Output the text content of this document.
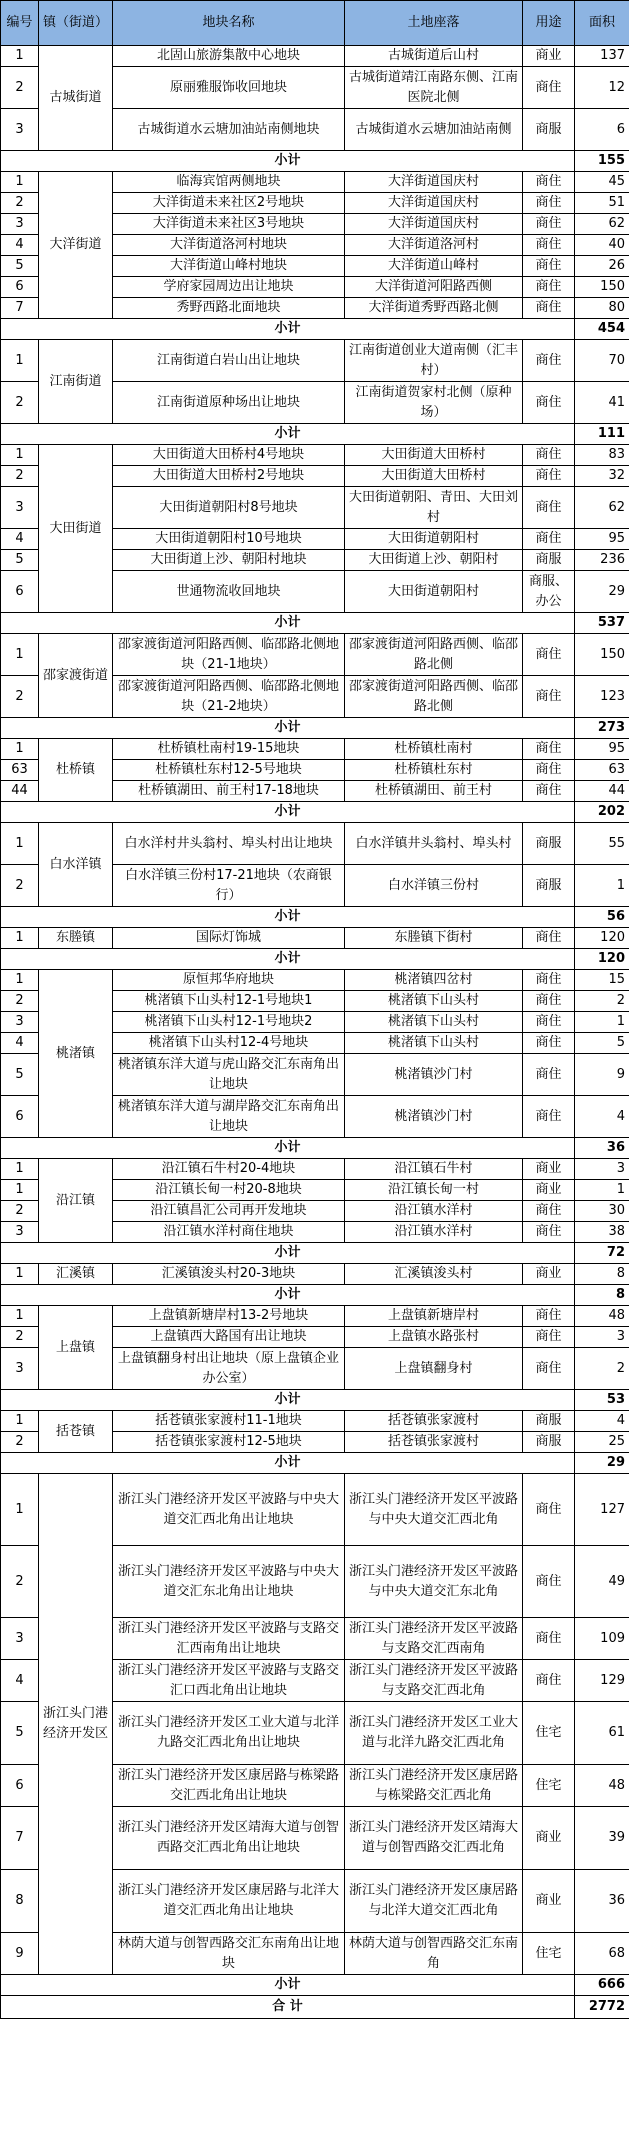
编号	镇（街道）	地块名称	土地座落	用途	面积
1	古城街道	北固山旅游集散中心地块	古城街道后山村	商业	137
2		原丽雅服饰收回地块	古城街道靖江南路东侧、江南医院北侧	商住	12
3		古城街道水云塘加油站南侧地块	古城街道水云塘加油站南侧	商服	6
小计					155
1	大洋街道	临海宾馆两侧地块	大洋街道国庆村	商住	45
2		大洋街道未来社区2号地块	大洋街道国庆村	商住	51
3		大洋街道未来社区3号地块	大洋街道国庆村	商住	62
4		大洋街道洛河村地块	大洋街道洛河村	商住	40
5		大洋街道山峰村地块	大洋街道山峰村	商住	26
6		学府家园周边出让地块	大洋街道河阳路西侧	商住	150
7		秀野西路北面地块	大洋街道秀野西路北侧	商住	80
小计					454
1	江南街道	江南街道白岩山出让地块	江南街道创业大道南侧（汇丰村）	商住	70
2		江南街道原种场出让地块	江南街道贺家村北侧（原种场）	商住	41
小计					111
1	大田街道	大田街道大田桥村4号地块	大田街道大田桥村	商住	83
2		大田街道大田桥村2号地块	大田街道大田桥村	商住	32
3		大田街道朝阳村8号地块	大田街道朝阳、青田、大田刘村	商住	62
4		大田街道朝阳村10号地块	大田街道朝阳村	商住	95
5		大田街道上沙、朝阳村地块	大田街道上沙、朝阳村	商服	236
6		世通物流收回地块	大田街道朝阳村	商服、办公	29
小计					537
1	邵家渡街道	邵家渡街道河阳路西侧、临邵路北侧地块（21-1地块）	邵家渡街道河阳路西侧、临邵路北侧	商住	150
2		邵家渡街道河阳路西侧、临邵路北侧地块（21-2地块）	邵家渡街道河阳路西侧、临邵路北侧	商住	123
小计					273
1	杜桥镇	杜桥镇杜南村19-15地块	杜桥镇杜南村	商住	95
63		杜桥镇杜东村12-5号地块	杜桥镇杜东村	商住	63
44		杜桥镇湖田、前王村17-18地块	杜桥镇湖田、前王村	商住	44
小计					202
1	白水洋镇	白水洋村井头翁村、埠头村出让地块	白水洋镇井头翁村、埠头村	商服	55
2		白水洋镇三份村17-21地块（农商银行）	白水洋镇三份村	商服	1
小计					56
1	东塍镇	国际灯饰城	东塍镇下街村	商住	120
小计					120
1	桃渚镇	原恒邦华府地块	桃渚镇四岔村	商住	15
2		桃渚镇下山头村12-1号地块1	桃渚镇下山头村	商住	2
3		桃渚镇下山头村12-1号地块2	桃渚镇下山头村	商住	1
4		桃渚镇下山头村12-4号地块	桃渚镇下山头村	商住	5
5		桃渚镇东洋大道与虎山路交汇东南角出让地块	桃渚镇沙门村	商住	9
6		桃渚镇东洋大道与湖岸路交汇东南角出让地块	桃渚镇沙门村	商住	4
小计					36
1	沿江镇	沿江镇石牛村20-4地块	沿江镇石牛村	商业	3
1		沿江镇长甸一村20-8地块	沿江镇长甸一村	商业	1
2		沿江镇昌汇公司再开发地块	沿江镇水洋村	商住	30
3		沿江镇水洋村商住地块	沿江镇水洋村	商住	38
小计					72
1	汇溪镇	汇溪镇浚头村20-3地块	汇溪镇浚头村	商业	8
小计					8
1	上盘镇	上盘镇新塘岸村13-2号地块	上盘镇新塘岸村	商住	48
2		上盘镇西大路国有出让地块	上盘镇水路张村	商住	3
3		上盘镇翻身村出让地块（原上盘镇企业办公室）	上盘镇翻身村	商住	2
小计					53
1	括苍镇	括苍镇张家渡村11-1地块	括苍镇张家渡村	商服	4
2		括苍镇张家渡村12-5地块	括苍镇张家渡村	商服	25
小计					29
1	浙江头门港经济开发区	浙江头门港经济开发区平波路与中央大道交汇西北角出让地块	浙江头门港经济开发区平波路与中央大道交汇西北角	商住	127
2		浙江头门港经济开发区平波路与中央大道交汇东北角出让地块	浙江头门港经济开发区平波路与中央大道交汇东北角	商住	49
3		浙江头门港经济开发区平波路与支路交汇西南角出让地块	浙江头门港经济开发区平波路与支路交汇西南角	商住	109
4		浙江头门港经济开发区平波路与支路交汇口西北角出让地块	浙江头门港经济开发区平波路与支路交汇西北角	商住	129
5		浙江头门港经济开发区工业大道与北洋九路交汇西北角出让地块	浙江头门港经济开发区工业大道与北洋九路交汇西北角	住宅	61
6		浙江头门港经济开发区康居路与栋梁路交汇西北角出让地块	浙江头门港经济开发区康居路与栋梁路交汇西北角	住宅	48
7		浙江头门港经济开发区靖海大道与创智西路交汇西北角出让地块	浙江头门港经济开发区靖海大道与创智西路交汇西北角	商业	39
8		浙江头门港经济开发区康居路与北洋大道交汇西北角出让地块	浙江头门港经济开发区康居路与北洋大道交汇西北角	商业	36
9		林荫大道与创智西路交汇东南角出让地块	林荫大道与创智西路交汇东南角	住宅	68
小计					666
合 计					2772
